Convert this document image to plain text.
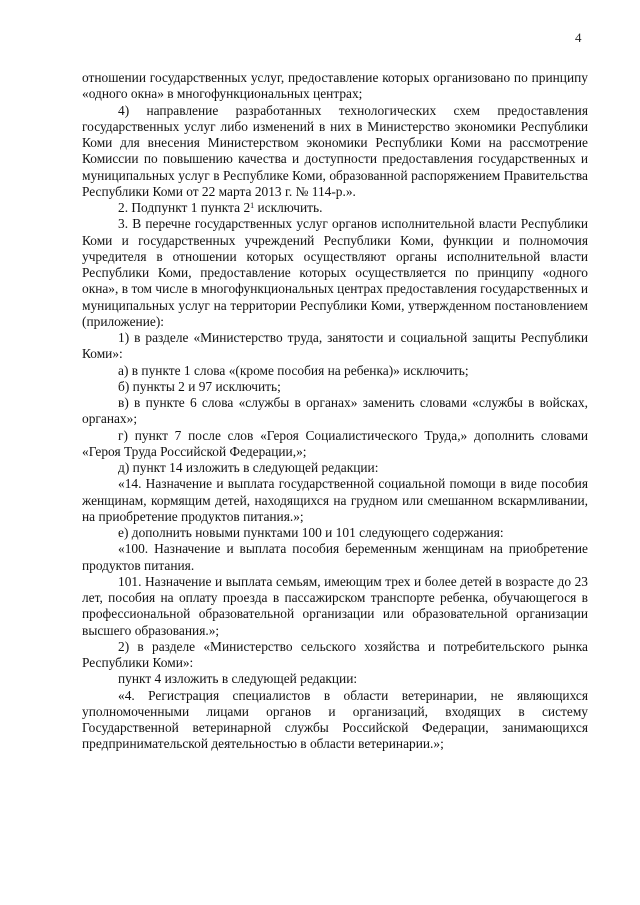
4

отношении государственных услуг, предоставление которых организовано по принципу «одного окна» в многофункциональных центрах;

4) направление разработанных технологических схем предоставления государственных услуг либо изменений в них в Министерство экономики Республики Коми для внесения Министерством экономики Республики Коми на рассмотрение Комиссии по повышению качества и доступности предоставления государственных и муниципальных услуг в Республике Коми, образованной распоряжением Правительства Республики Коми от 22 марта 2013 г. № 114-р.».

2. Подпункт 1 пункта $2^1$ исключить.

3. В перечне государственных услуг органов исполнительной власти Республики Коми и государственных учреждений Республики Коми, функции и полномочия учредителя в отношении которых осуществляют органы исполнительной власти Республики Коми, предоставление которых осуществляется по принципу «одного окна», в том числе в многофункциональных центрах предоставления государственных и муниципальных услуг на территории Республики Коми, утвержденном постановлением (приложение):

1) в разделе «Министерство труда, занятости и социальной защиты Республики Коми»:

а) в пункте 1 слова «(кроме пособия на ребенка)» исключить;

б) пункты 2 и 97 исключить;

в) в пункте 6 слова «службы в органах» заменить словами «службы в войсках, органах»;

г) пункт 7 после слов «Героя Социалистического Труда,» дополнить словами «Героя Труда Российской Федерации,»;

д) пункт 14 изложить в следующей редакции:

«14. Назначение и выплата государственной социальной помощи в виде пособия женщинам, кормящим детей, находящихся на грудном или смешанном вскармливании, на приобретение продуктов питания.»;

е) дополнить новыми пунктами 100 и 101 следующего содержания:

«100. Назначение и выплата пособия беременным женщинам на приобретение продуктов питания.

101. Назначение и выплата семьям, имеющим трех и более детей в возрасте до 23 лет, пособия на оплату проезда в пассажирском транспорте ребенка, обучающегося в профессиональной образовательной организации или образовательной организации высшего образования.»;

2) в разделе «Министерство сельского хозяйства и потребительского рынка Республики Коми»:

пункт 4 изложить в следующей редакции:

«4. Регистрация специалистов в области ветеринарии, не являющихся уполномоченными лицами органов и организаций, входящих в систему Государственной ветеринарной службы Российской Федерации, занимающихся предпринимательской деятельностью в области ветеринарии.»;
